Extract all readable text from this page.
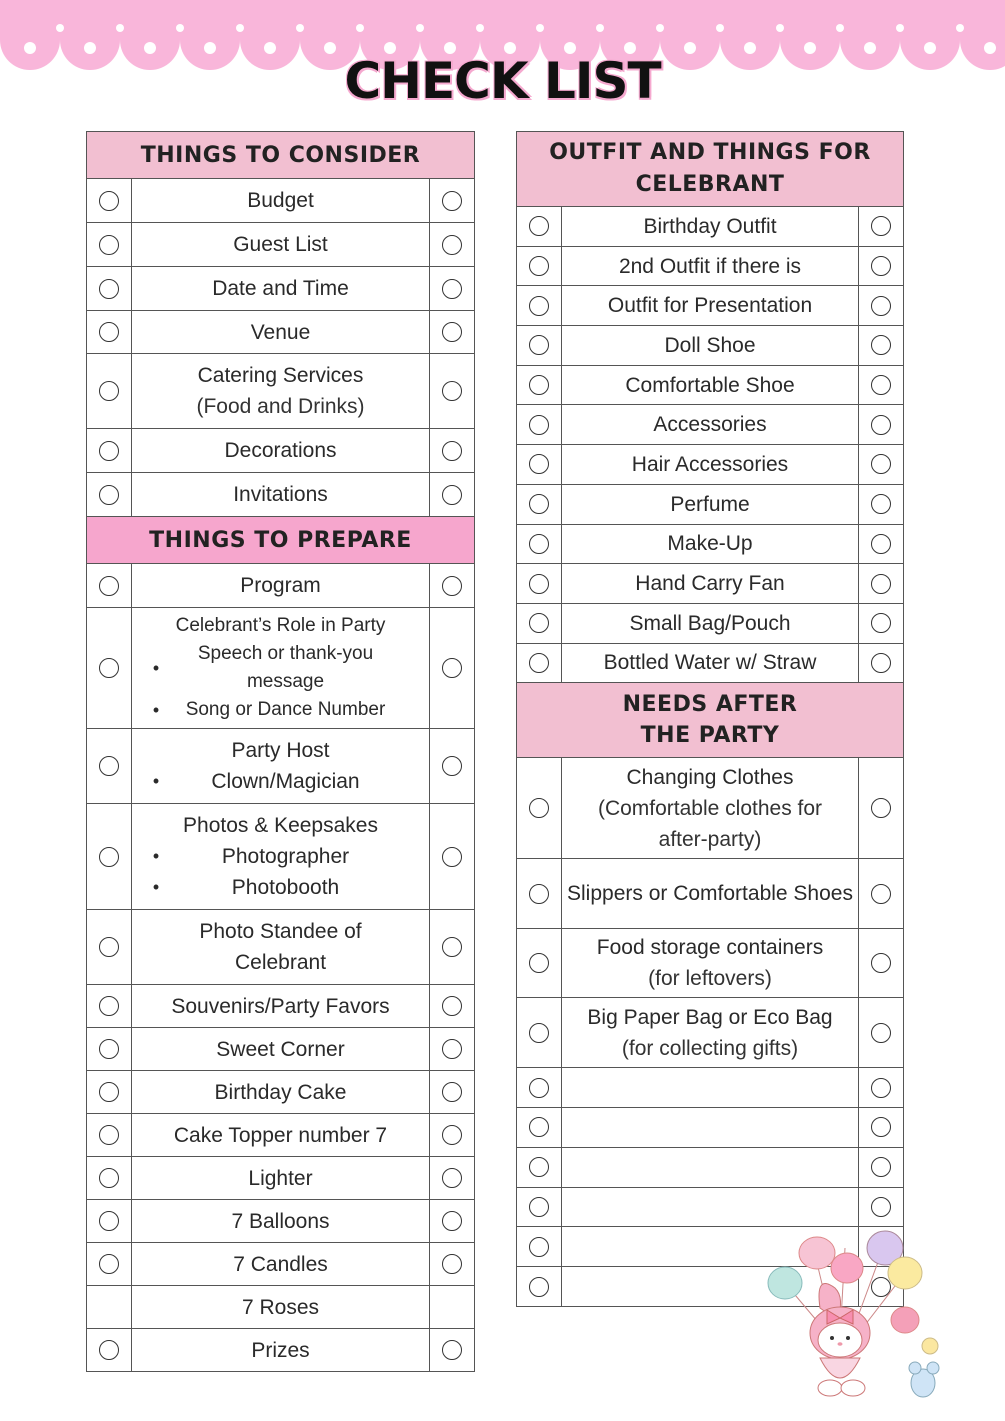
CHECK LIST
THINGS TO CONSIDER
Budget
Guest List
Date and Time
Venue
Catering Services
(Food and Drinks)
Decorations
Invitations
THINGS TO PREPARE
Program
Celebrant’s Role in Party
•
Speech or thank-you message
•	Song or Dance Number
Party Host
•	Clown/Magician
Photos & Keepsakes
•	Photographer
•	Photobooth
Photo Standee of Celebrant
Souvenirs/Party Favors
Sweet Corner
Birthday Cake
Cake Topper number 7
Lighter
7 Balloons
7 Candles
7 Roses
Prizes
OUTFIT AND THINGS FOR CELEBRANT
Birthday Outfit
2nd Outfit if there is
Outfit for Presentation
Doll Shoe
Comfortable Shoe
Accessories
Hair Accessories
Perfume
Make-Up
Hand Carry Fan
Small Bag/Pouch
Bottled Water w/ Straw
NEEDS AFTER THE PARTY
Changing Clothes
(Comfortable clothes for after-party)
Slippers or Comfortable Shoes
Food storage containers
(for leftovers)
Big Paper Bag or Eco Bag
(for collecting gifts)
